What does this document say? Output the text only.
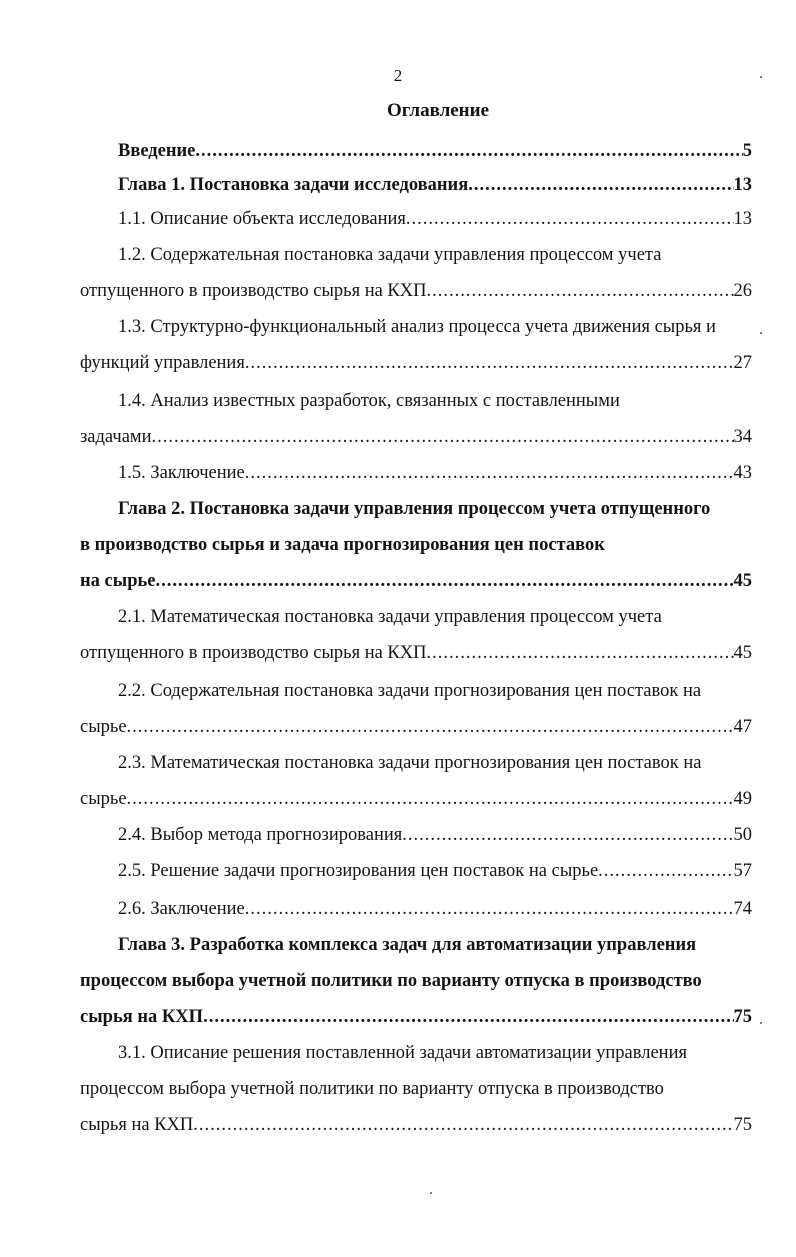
2
Оглавление
Введение .....	5
Глава 1. Постановка задачи исследования .....	13
1.1. Описание объекта исследования .....	13
1.2. Содержательная постановка задачи управления процессом учета
отпущенного в производство сырья на КХП .....	26
1.3. Структурно-функциональный анализ процесса учета движения сырья и
функций управления .....	27
1.4. Анализ известных разработок, связанных с поставленными
задачами .....	34
1.5. Заключение .....	43
Глава 2. Постановка задачи управления процессом учета отпущенного
в производство сырья и задача прогнозирования цен поставок
на сырье .....	45
2.1. Математическая постановка задачи управления процессом учета
отпущенного в производство сырья на КХП .....	45
2.2. Содержательная постановка задачи прогнозирования цен поставок на
сырье .....	47
2.3. Математическая постановка задачи прогнозирования цен поставок на
сырье .....	49
2.4. Выбор метода прогнозирования .....	50
2.5. Решение задачи прогнозирования цен поставок на сырье .....	57
2.6. Заключение .....	74
Глава 3. Разработка комплекса задач для автоматизации управления
процессом выбора учетной политики по варианту отпуска в производство
сырья на КХП .....	75
3.1. Описание решения поставленной задачи автоматизации управления
процессом выбора учетной политики по варианту отпуска в производство
сырья на КХП .....	75
